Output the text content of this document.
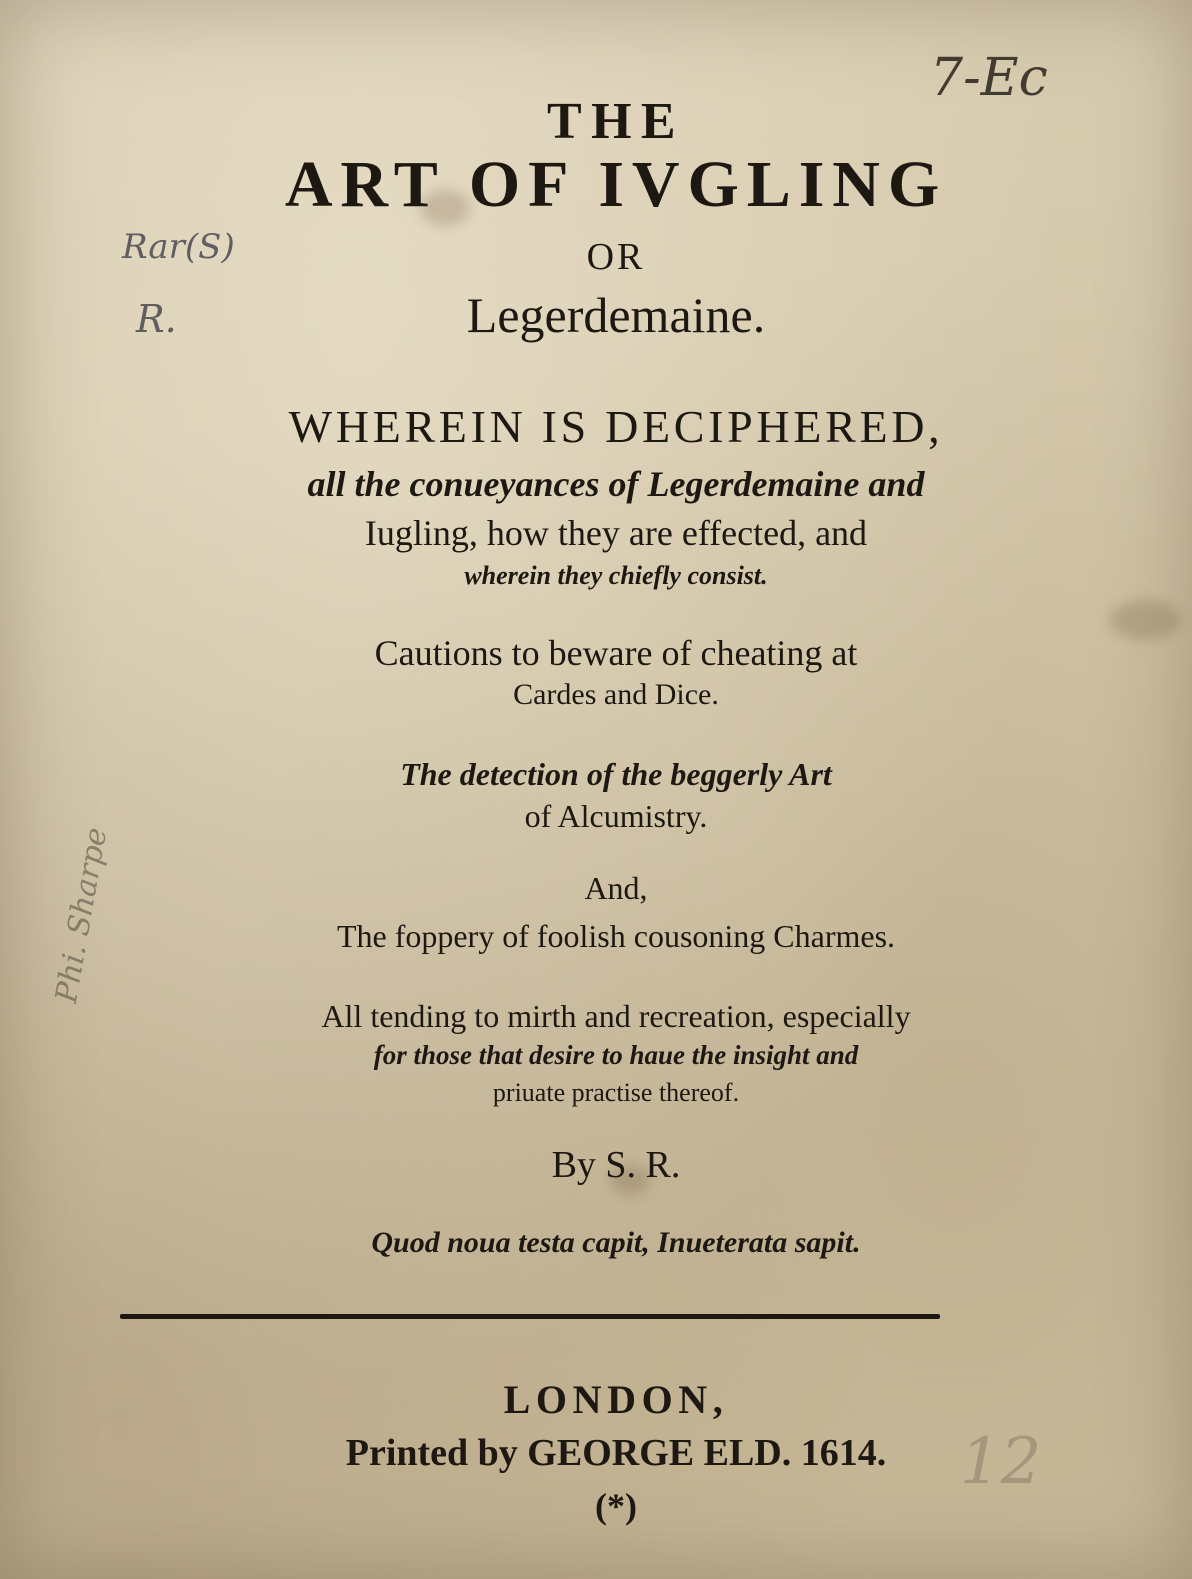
THE
ART OF IVGLING
OR
Legerdemaine.
WHEREIN IS DECIPHERED,
all the conueyances of Legerdemaine and
Iugling, how they are effected, and
wherein they chiefly consist.
Cautions to beware of cheating at
Cardes and Dice.
The detection of the beggerly Art
of Alcumistry.
And,
The foppery of foolish cousoning Charmes.
All tending to mirth and recreation, especially
for those that desire to haue the insight and
priuate practise thereof.
By S. R.
Quod noua testa capit, Inueterata sapit.
LONDON,
Printed by GEORGE ELD. 1614.
(*)
7-Ec
Rar(S)
R.
Phi. Sharpe
12
